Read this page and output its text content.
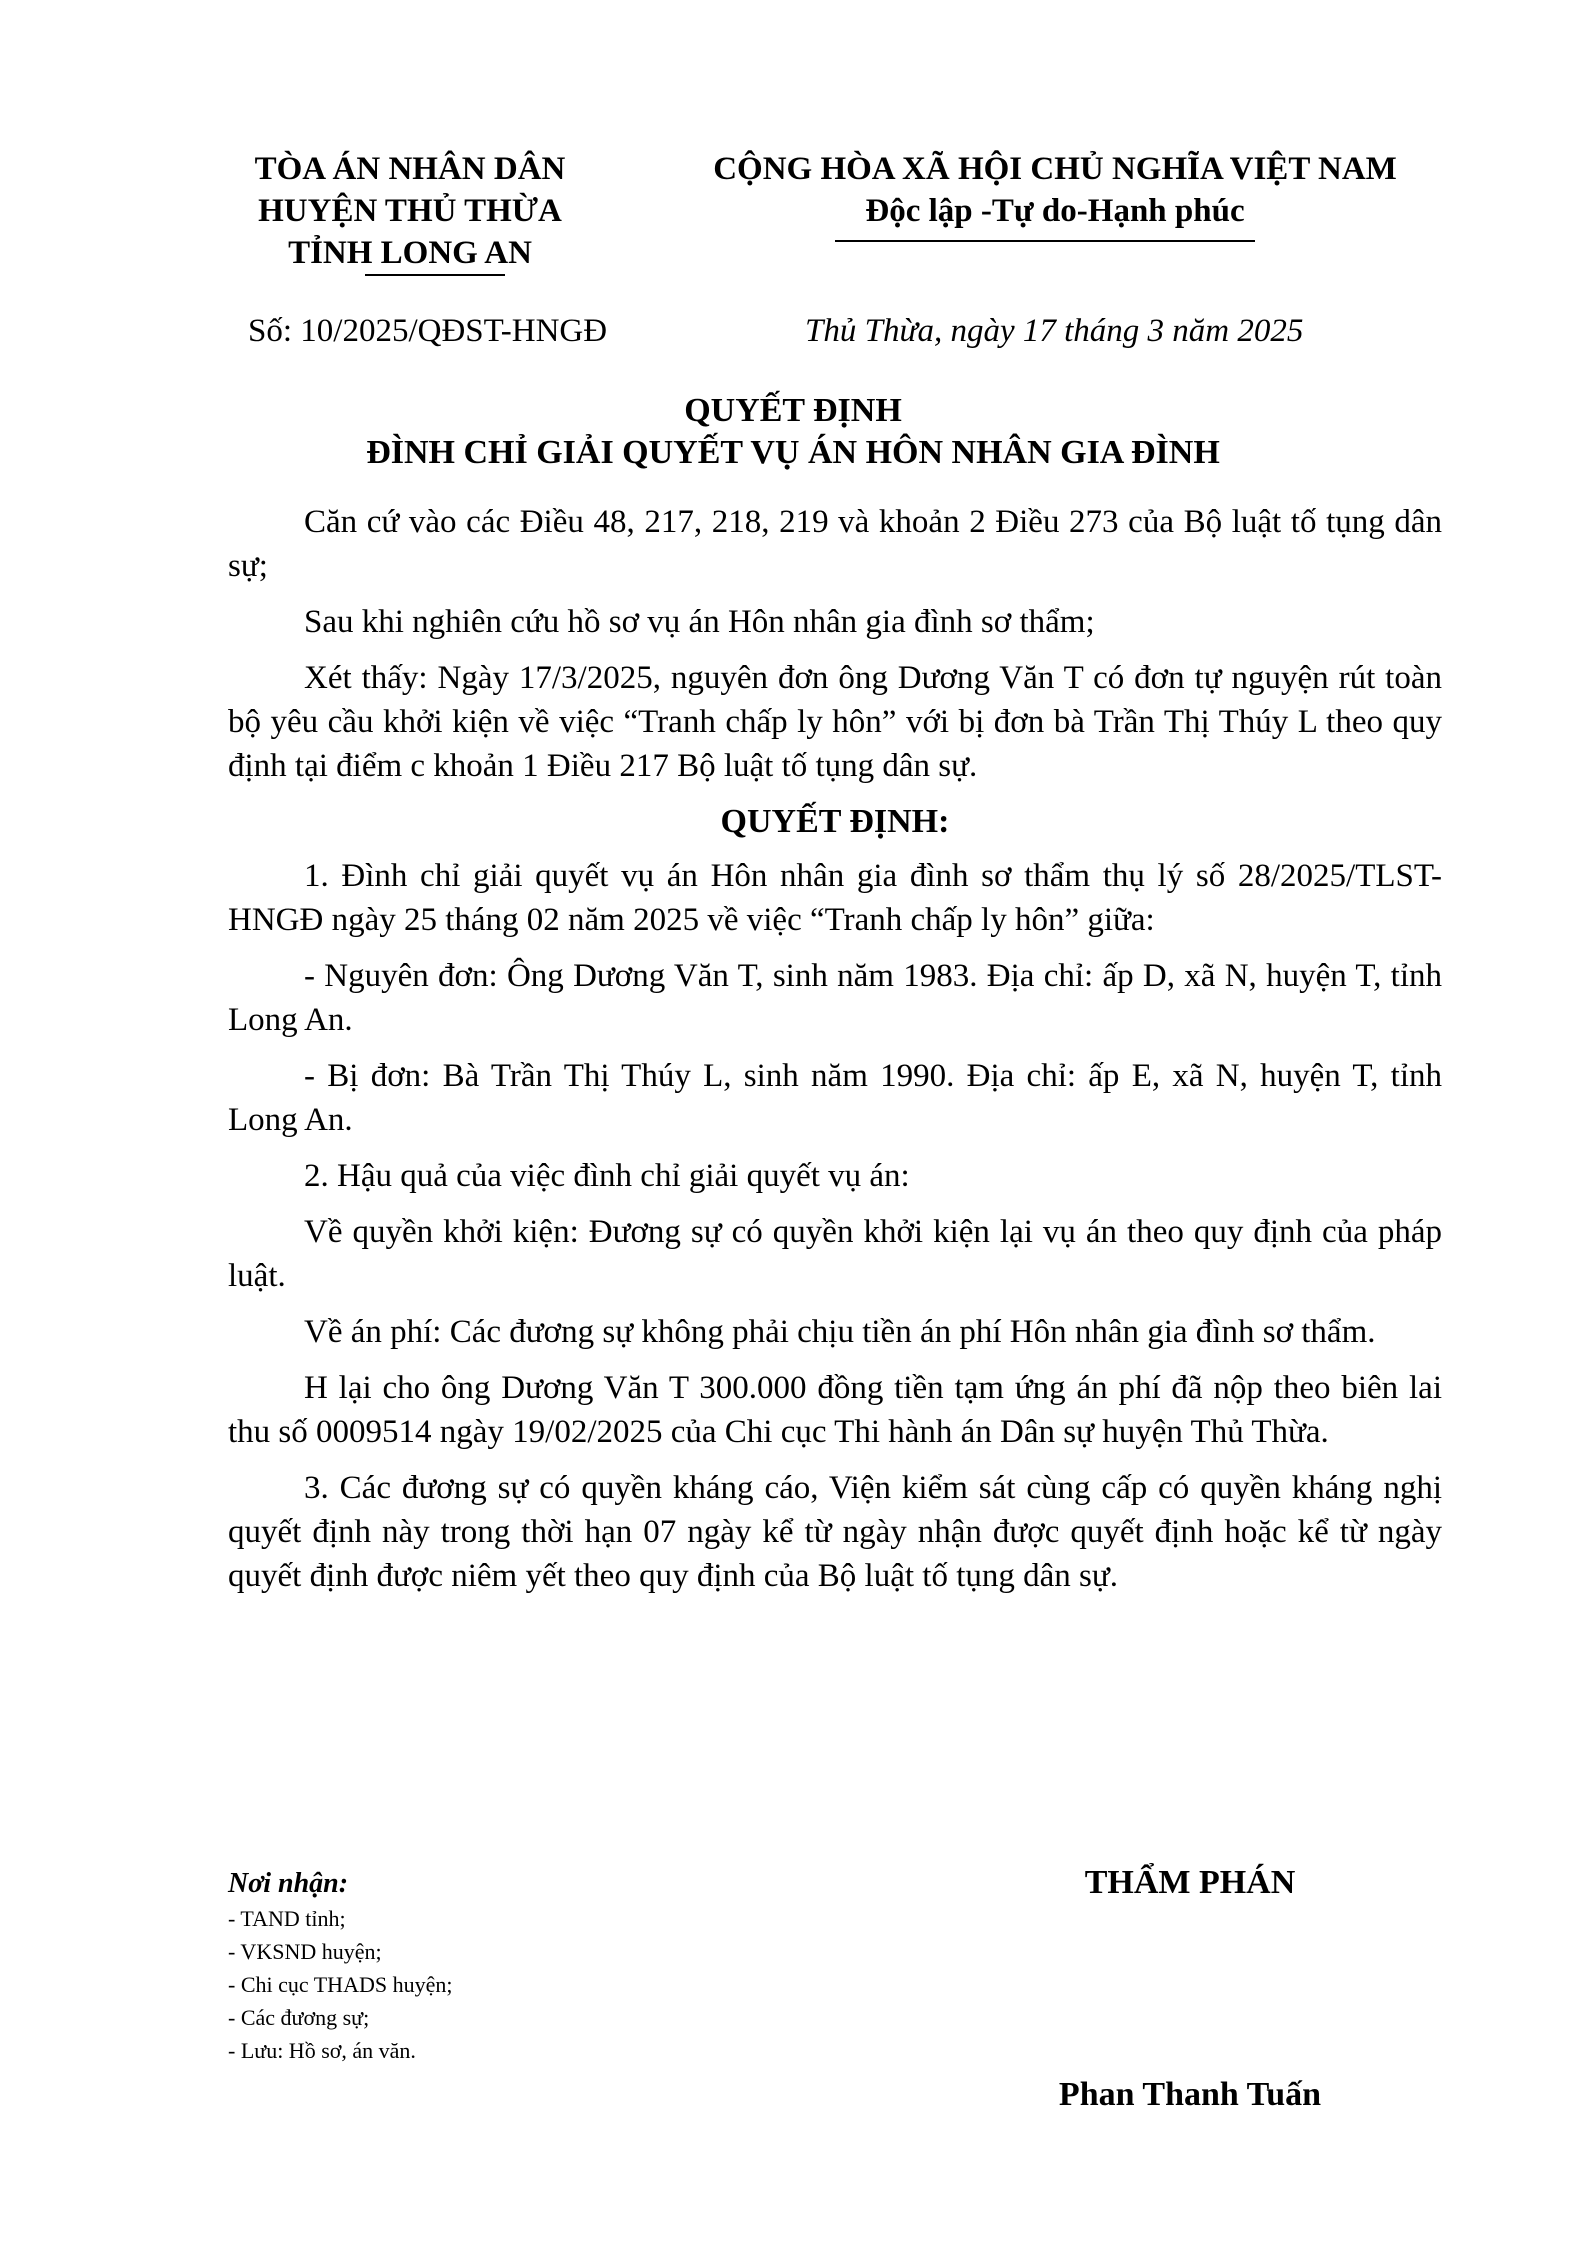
TÒA ÁN NHÂN DÂN
HUYỆN THỦ THỪA
TỈNH LONG AN
CỘNG HÒA XÃ HỘI CHỦ NGHĨA VIỆT NAM
Độc lập -Tự do-Hạnh phúc
Số: 10/2025/QĐST-HNGĐ	Thủ Thừa, ngày 17 tháng 3 năm 2025
QUYẾT ĐỊNH
ĐÌNH CHỈ GIẢI QUYẾT VỤ ÁN HÔN NHÂN GIA ĐÌNH

Căn cứ vào các Điều 48, 217, 218, 219 và khoản 2 Điều 273 của Bộ luật tố tụng dân sự;

Sau khi nghiên cứu hồ sơ vụ án Hôn nhân gia đình sơ thẩm;

Xét thấy: Ngày 17/3/2025, nguyên đơn ông Dương Văn T có đơn tự nguyện rút toàn bộ yêu cầu khởi kiện về việc “Tranh chấp ly hôn” với bị đơn bà Trần Thị Thúy L theo quy định tại điểm c khoản 1 Điều 217 Bộ luật tố tụng dân sự.

QUYẾT ĐỊNH:

1. Đình chỉ giải quyết vụ án Hôn nhân gia đình sơ thẩm thụ lý số 28/2025/TLST- HNGĐ ngày 25 tháng 02 năm 2025 về việc “Tranh chấp ly hôn” giữa:

- Nguyên đơn: Ông Dương Văn T, sinh năm 1983. Địa chỉ: ấp D, xã N, huyện T, tỉnh Long An.

- Bị đơn: Bà Trần Thị Thúy L, sinh năm 1990. Địa chỉ: ấp E, xã N, huyện T, tỉnh Long An.

2. Hậu quả của việc đình chỉ giải quyết vụ án:

Về quyền khởi kiện: Đương sự có quyền khởi kiện lại vụ án theo quy định của pháp luật.

Về án phí: Các đương sự không phải chịu tiền án phí Hôn nhân gia đình sơ thẩm.

H lại cho ông Dương Văn T 300.000 đồng tiền tạm ứng án phí đã nộp theo biên lai thu số 0009514 ngày 19/02/2025 của Chi cục Thi hành án Dân sự huyện Thủ Thừa.

3. Các đương sự có quyền kháng cáo, Viện kiểm sát cùng cấp có quyền kháng nghị quyết định này trong thời hạn 07 ngày kể từ ngày nhận được quyết định hoặc kể từ ngày quyết định được niêm yết theo quy định của Bộ luật tố tụng dân sự.

Nơi nhận:
- TAND tỉnh;
- VKSND huyện;
- Chi cục THADS huyện;
- Các đương sự;
- Lưu: Hồ sơ, án văn.
THẨM PHÁN
Phan Thanh Tuấn
